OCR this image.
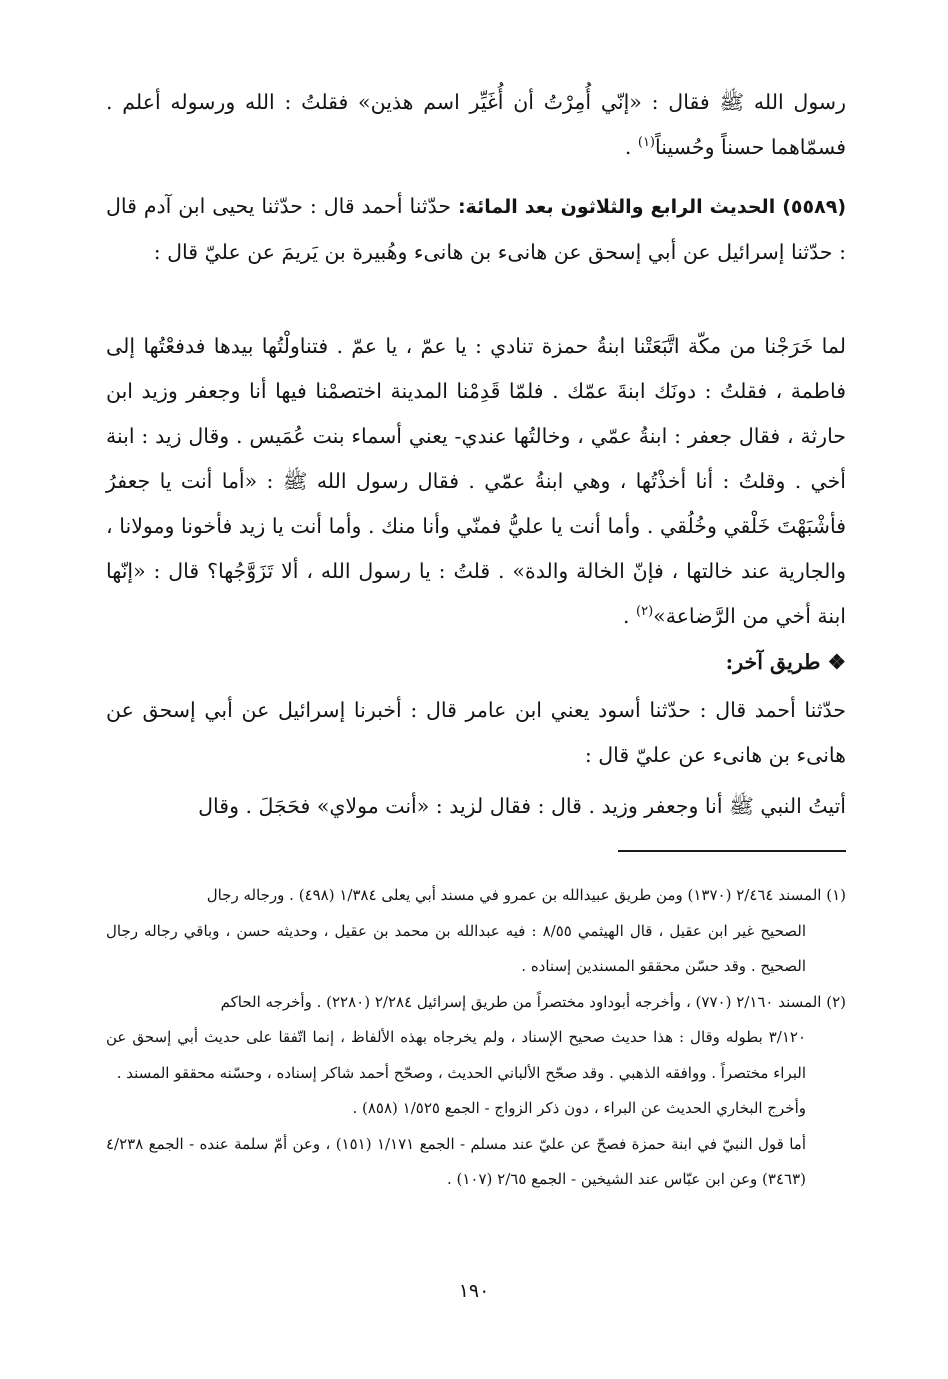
رسول الله ﷺ فقال : «إنّي أُمِرْتُ أن أُغَيِّر اسم هذين» فقلتُ : الله ورسوله أعلم . فسمّاهما حسناً وحُسيناً$^{(١)}$ .

(٥٥٨٩) الحديث الرابع والثلاثون بعد المائة: حدّثنا أحمد قال : حدّثنا يحيى ابن آدم قال : حدّثنا إسرائيل عن أبي إسحق عن هانىء بن هانىء وهُبيرة بن يَريمَ عن عليّ قال :

لما خَرَجْنا من مكّة اتَّبَعَتْنا ابنةُ حمزة تنادي : يا عمّ ، يا عمّ . فتناولْتُها بيدها فدفعْتُها إلى فاطمة ، فقلتُ : دونَك ابنةَ عمّك . فلمّا قَدِمْنا المدينة اختصمْنا فيها أنا وجعفر وزيد ابن حارثة ، فقال جعفر : ابنةُ عمّي ، وخالتُها عندي- يعني أسماء بنت عُمَيس . وقال زيد : ابنة أخي . وقلتُ : أنا أخذْتُها ، وهي ابنةُ عمّي . فقال رسول الله ﷺ : «أما أنت يا جعفرُ فأشْبَهْتَ خَلْقي وخُلُقي . وأما أنت يا عليُّ فمنّي وأنا منك . وأما أنت يا زيد فأخونا ومولانا ، والجارية عند خالتها ، فإنّ الخالة والدة» . قلتُ : يا رسول الله ، ألا تَزَوَّجُها؟ قال : «إنّها ابنة أخي من الرَّضاعة»$^{(٢)}$ .

❖ طريق آخر:

حدّثنا أحمد قال : حدّثنا أسود يعني ابن عامر قال : أخبرنا إسرائيل عن أبي إسحق عن هانىء بن هانىء عن عليّ قال :

أتيتُ النبي ﷺ أنا وجعفر وزيد . قال : فقال لزيد : «أنت مولاي» فحَجَلَ . وقال

(١) المسند ٢/٤٦٤ (١٣٧٠) ومن طريق عبيدالله بن عمرو في مسند أبي يعلى ١/٣٨٤ (٤٩٨) . ورجاله رجال

الصحيح غير ابن عقيل ، قال الهيثمي ٨/٥٥ : فيه عبدالله بن محمد بن عقيل ، وحديثه حسن ، وباقي رجاله رجال الصحيح . وقد حسّن محققو المسندين إسناده .

(٢) المسند ٢/١٦٠ (٧٧٠) ، وأخرجه أبوداود مختصراً من طريق إسرائيل ٢/٢٨٤ (٢٢٨٠) . وأخرجه الحاكم

٣/١٢٠ بطوله وقال : هذا حديث صحيح الإسناد ، ولم يخرجاه بهذه الألفاظ ، إنما اتّفقا على حديث أبي إسحق عن البراء مختصراً . ووافقه الذهبي . وقد صحّح الألباني الحديث ، وصحّح أحمد شاكر إسناده ، وحسّنه محققو المسند .

وأخرج البخاري الحديث عن البراء ، دون ذكر الزواج - الجمع ١/٥٢٥ (٨٥٨) .

أما قول النبيّ في ابنة حمزة فصحّ عن عليّ عند مسلم - الجمع ١/١٧١ (١٥١) ، وعن أمّ سلمة عنده - الجمع ٤/٢٣٨ (٣٤٦٣) وعن ابن عبّاس عند الشيخين - الجمع ٢/٦٥ (١٠٧) .

١٩٠
